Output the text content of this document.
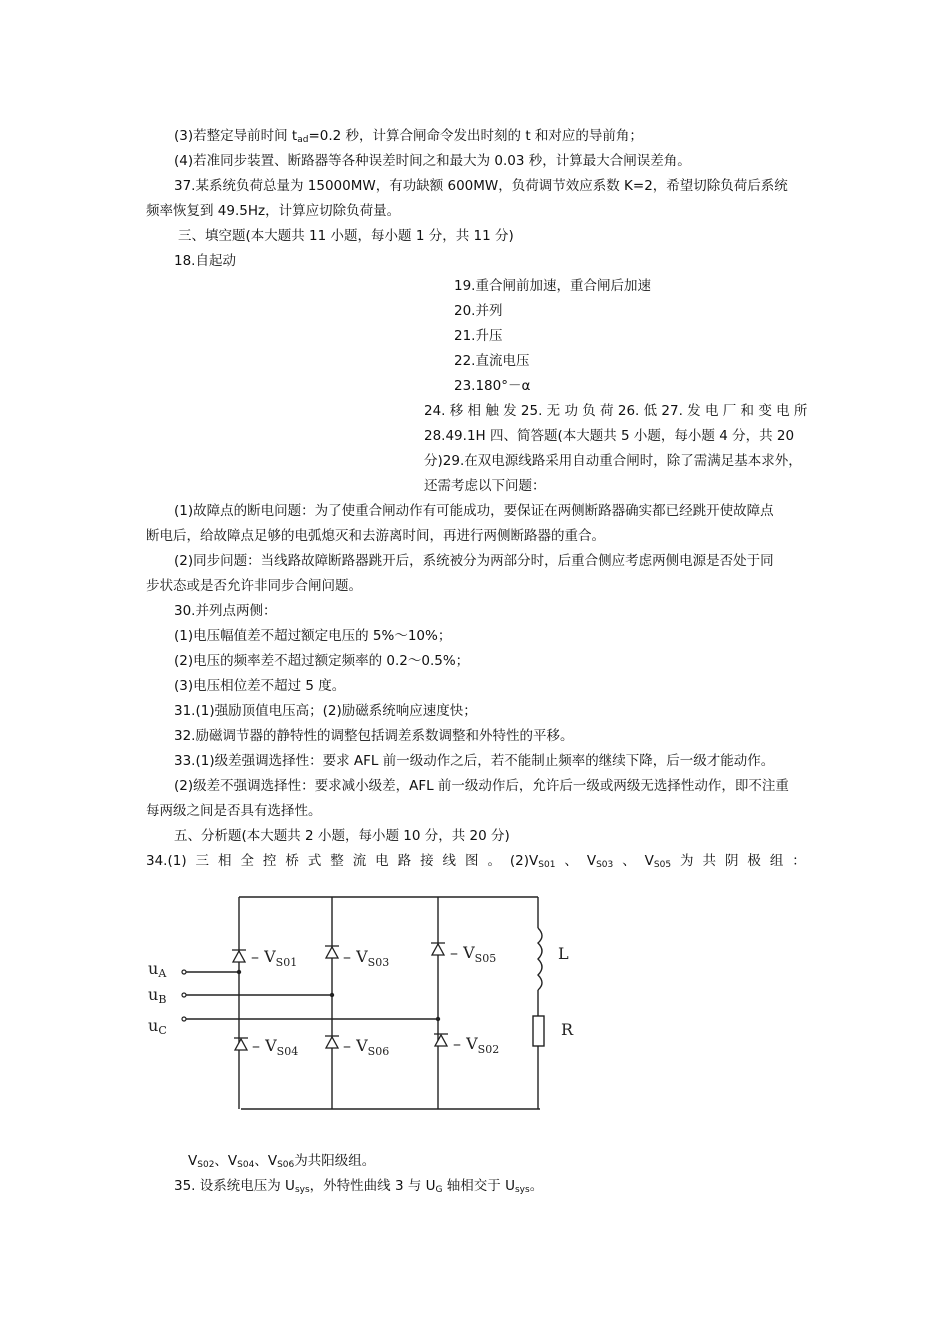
(3)若整定导前时间 $t_{ad}=0.2$ 秒，计算合闸命令发出时刻的 t 和对应的导前角；
(4)若准同步装置、断路器等各种误差时间之和最大为 0.03 秒，计算最大合闸误差角。
37.某系统负荷总量为 15000MW，有功缺额 600MW，负荷调节效应系数 K=2，希望切除负荷后系统
频率恢复到 49.5Hz，计算应切除负荷量。
三、填空题(本大题共 11 小题，每小题 1 分，共 11 分)
18.自起动
19.重合闸前加速，重合闸后加速
20.并列
21.升压
22.直流电压
23.180°－α
24. 移 相 触 发 25. 无 功 负 荷 26. 低 27. 发 电 厂 和 变 电 所
28.49.1H 四、简答题(本大题共 5 小题，每小题 4 分，共 20
分)29.在双电源线路采用自动重合闸时，除了需满足基本求外，
还需考虑以下问题：
(1)故障点的断电问题：为了使重合闸动作有可能成功，要保证在两侧断路器确实都已经跳开使故障点
断电后，给故障点足够的电弧熄灭和去游离时间，再进行两侧断路器的重合。
(2)同步问题：当线路故障断路器跳开后，系统被分为两部分时，后重合侧应考虑两侧电源是否处于同
步状态或是否允许非同步合闸问题。
30.并列点两侧：
(1)电压幅值差不超过额定电压的 5%～10%；
(2)电压的频率差不超过额定频率的 0.2～0.5%；
(3)电压相位差不超过 5 度。
31.(1)强励顶值电压高；(2)励磁系统响应速度快；
32.励磁调节器的静特性的调整包括调差系数调整和外特性的平移。
33.(1)级差强调选择性：要求 AFL 前一级动作之后，若不能制止频率的继续下降，后一级才能动作。
(2)级差不强调选择性：要求减小级差，AFL 前一级动作后，允许后一级或两级无选择性动作，即不注重
每两级之间是否具有选择性。
五、分析题(本大题共 2 小题，每小题 10 分，共 20 分)
34.(1) 三 相 全 控 桥 式 整 流 电 路 接 线 图 。 $(2)V_{S01}$ 、 $V_{S03}$ 、 $V_{S05}$ 为 共 阴 极 组 ：
– $V_{S01}$	– $V_{S03}$
– $V_{S05}$
– $V_{S04}$	– $V_{S06}$	– $V_{S02}$
uA
uB
uC
L
R
$V_{S02}$、$V_{S04}$、$V_{S06}$为共阳级组。
35. 设系统电压为 $U_{sys}$，外特性曲线 3 与 $U_G$ 轴相交于 $U_{sys}$。
